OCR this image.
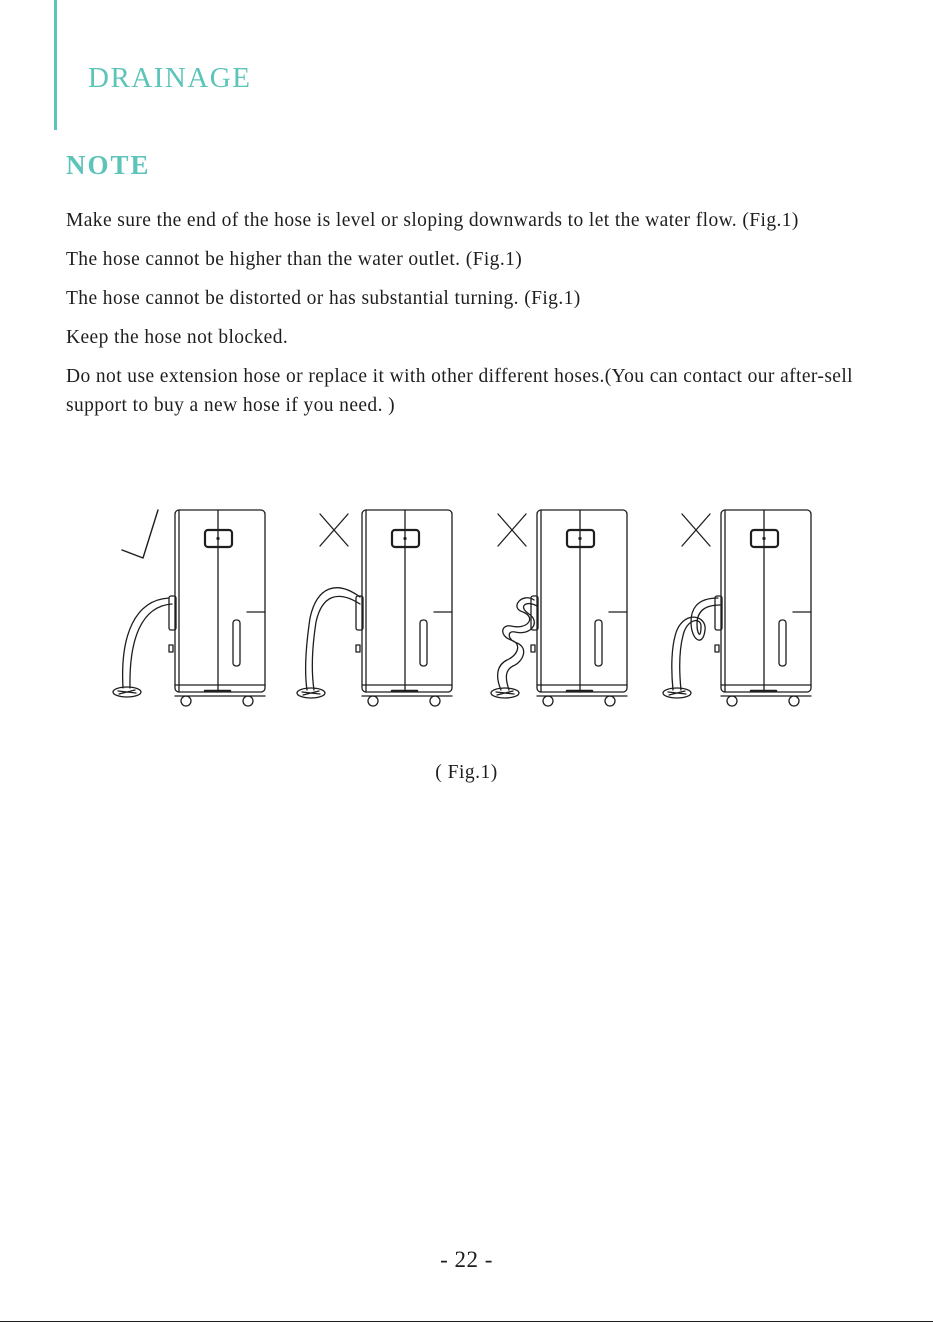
DRAINAGE
NOTE

Make sure the end of the hose is level or sloping downwards to let the water flow. (Fig.1)

The hose cannot be higher than the water outlet. (Fig.1)

The hose cannot be distorted or has substantial turning. (Fig.1)

Keep the hose not blocked.

Do not use extension hose or replace it with other different hoses.(You can contact our after-sell support to buy a new hose if you need. )

( Fig.1)
- 22 -
